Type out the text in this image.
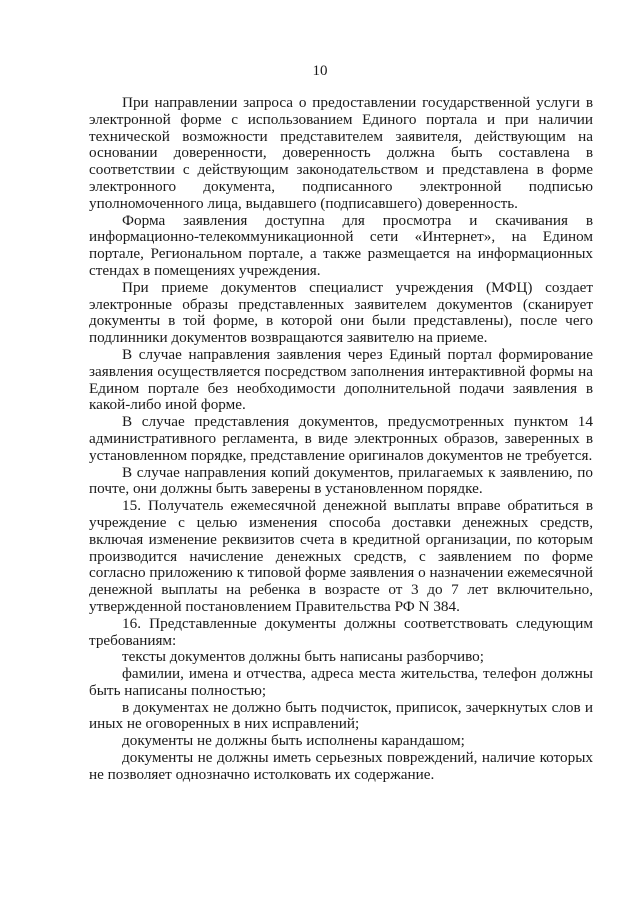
10

При направлении запроса о предоставлении государственной услуги в электронной форме с использованием Единого портала и при наличии технической возможности представителем заявителя, действующим на основании доверенности, доверенность должна быть составлена в соответствии с действующим законодательством и представлена в форме электронного документа, подписанного электронной подписью уполномоченного лица, выдавшего (подписавшего) доверенность.

Форма заявления доступна для просмотра и скачивания в информационно-телекоммуникационной сети «Интернет», на Едином портале, Региональном портале, а также размещается на информационных стендах в помещениях учреждения.

При приеме документов специалист учреждения (МФЦ) создает электронные образы представленных заявителем документов (сканирует документы в той форме, в которой они были представлены), после чего подлинники документов возвращаются заявителю на приеме.

В случае направления заявления через Единый портал формирование заявления осуществляется посредством заполнения интерактивной формы на Едином портале без необходимости дополнительной подачи заявления в какой-либо иной форме.

В случае представления документов, предусмотренных пунктом 14 административного регламента, в виде электронных образов, заверенных в установленном порядке, представление оригиналов документов не требуется.

В случае направления копий документов, прилагаемых к заявлению, по почте, они должны быть заверены в установленном порядке.

15. Получатель ежемесячной денежной выплаты вправе обратиться в учреждение с целью изменения способа доставки денежных средств, включая изменение реквизитов счета в кредитной организации, по которым производится начисление денежных средств, с заявлением по форме согласно приложению к типовой форме заявления о назначении ежемесячной денежной выплаты на ребенка в возрасте от 3 до 7 лет включительно, утвержденной постановлением Правительства РФ N 384.

16. Представленные документы должны соответствовать следующим требованиям:

тексты документов должны быть написаны разборчиво;

фамилии, имена и отчества, адреса места жительства, телефон должны быть написаны полностью;

в документах не должно быть подчисток, приписок, зачеркнутых слов и иных не оговоренных в них исправлений;

документы не должны быть исполнены карандашом;

документы не должны иметь серьезных повреждений, наличие которых не позволяет однозначно истолковать их содержание.
